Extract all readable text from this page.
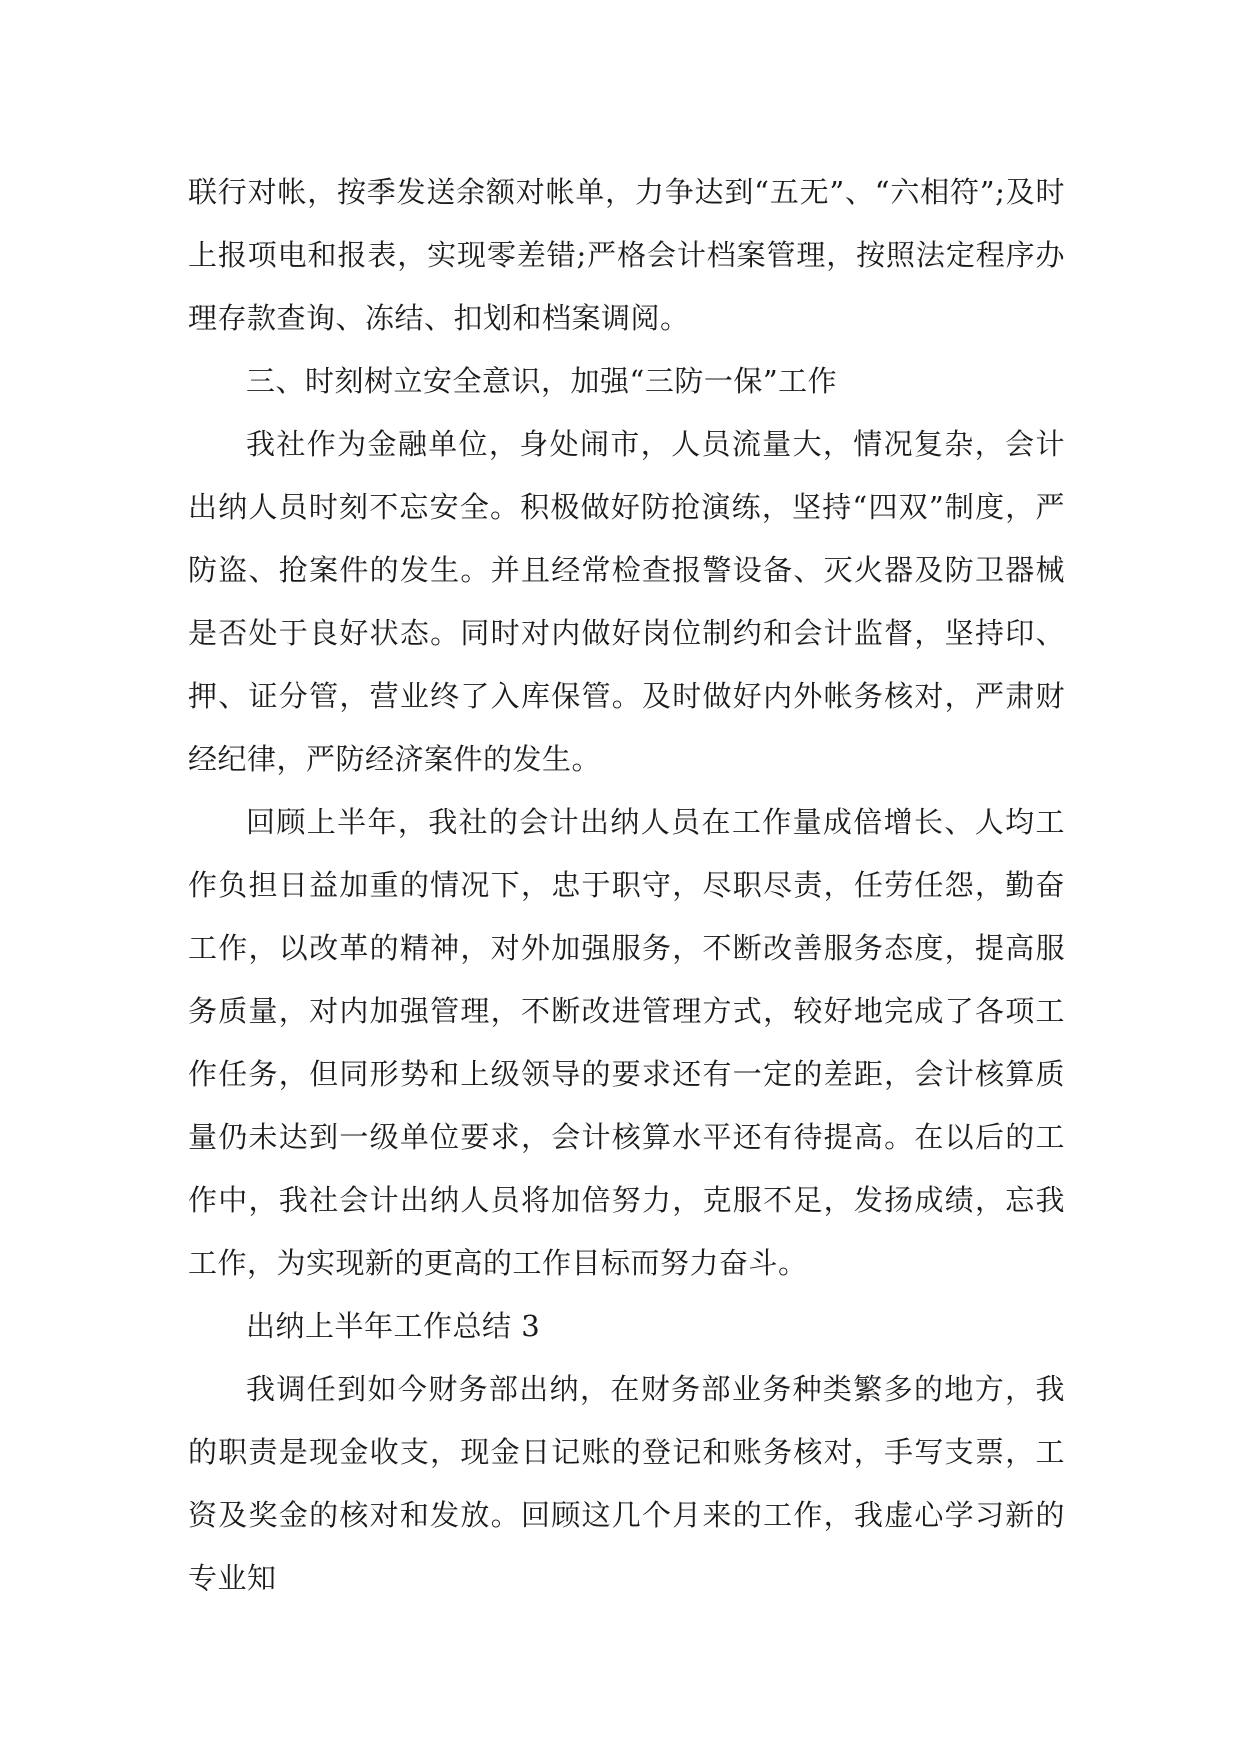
联行对帐，按季发送余额对帐单，力争达到“五无”、“六相符”;及时上报项电和报表，实现零差错;严格会计档案管理，按照法定程序办理存款查询、冻结、扣划和档案调阅。

三、时刻树立安全意识，加强“三防一保”工作

我社作为金融单位，身处闹市，人员流量大，情况复杂，会计出纳人员时刻不忘安全。积极做好防抢演练，坚持“四双”制度，严防盗、抢案件的发生。并且经常检查报警设备、灭火器及防卫器械是否处于良好状态。同时对内做好岗位制约和会计监督，坚持印、押、证分管，营业终了入库保管。及时做好内外帐务核对，严肃财经纪律，严防经济案件的发生。

回顾上半年，我社的会计出纳人员在工作量成倍增长、人均工作负担日益加重的情况下，忠于职守，尽职尽责，任劳任怨，勤奋工作，以改革的精神，对外加强服务，不断改善服务态度，提高服务质量，对内加强管理，不断改进管理方式，较好地完成了各项工作任务，但同形势和上级领导的要求还有一定的差距，会计核算质量仍未达到一级单位要求，会计核算水平还有待提高。在以后的工作中，我社会计出纳人员将加倍努力，克服不足，发扬成绩，忘我工作，为实现新的更高的工作目标而努力奋斗。

出纳上半年工作总结 3

我调任到如今财务部出纳，在财务部业务种类繁多的地方，我的职责是现金收支，现金日记账的登记和账务核对，手写支票，工资及奖金的核对和发放。回顾这几个月来的工作，我虚心学习新的专业知
